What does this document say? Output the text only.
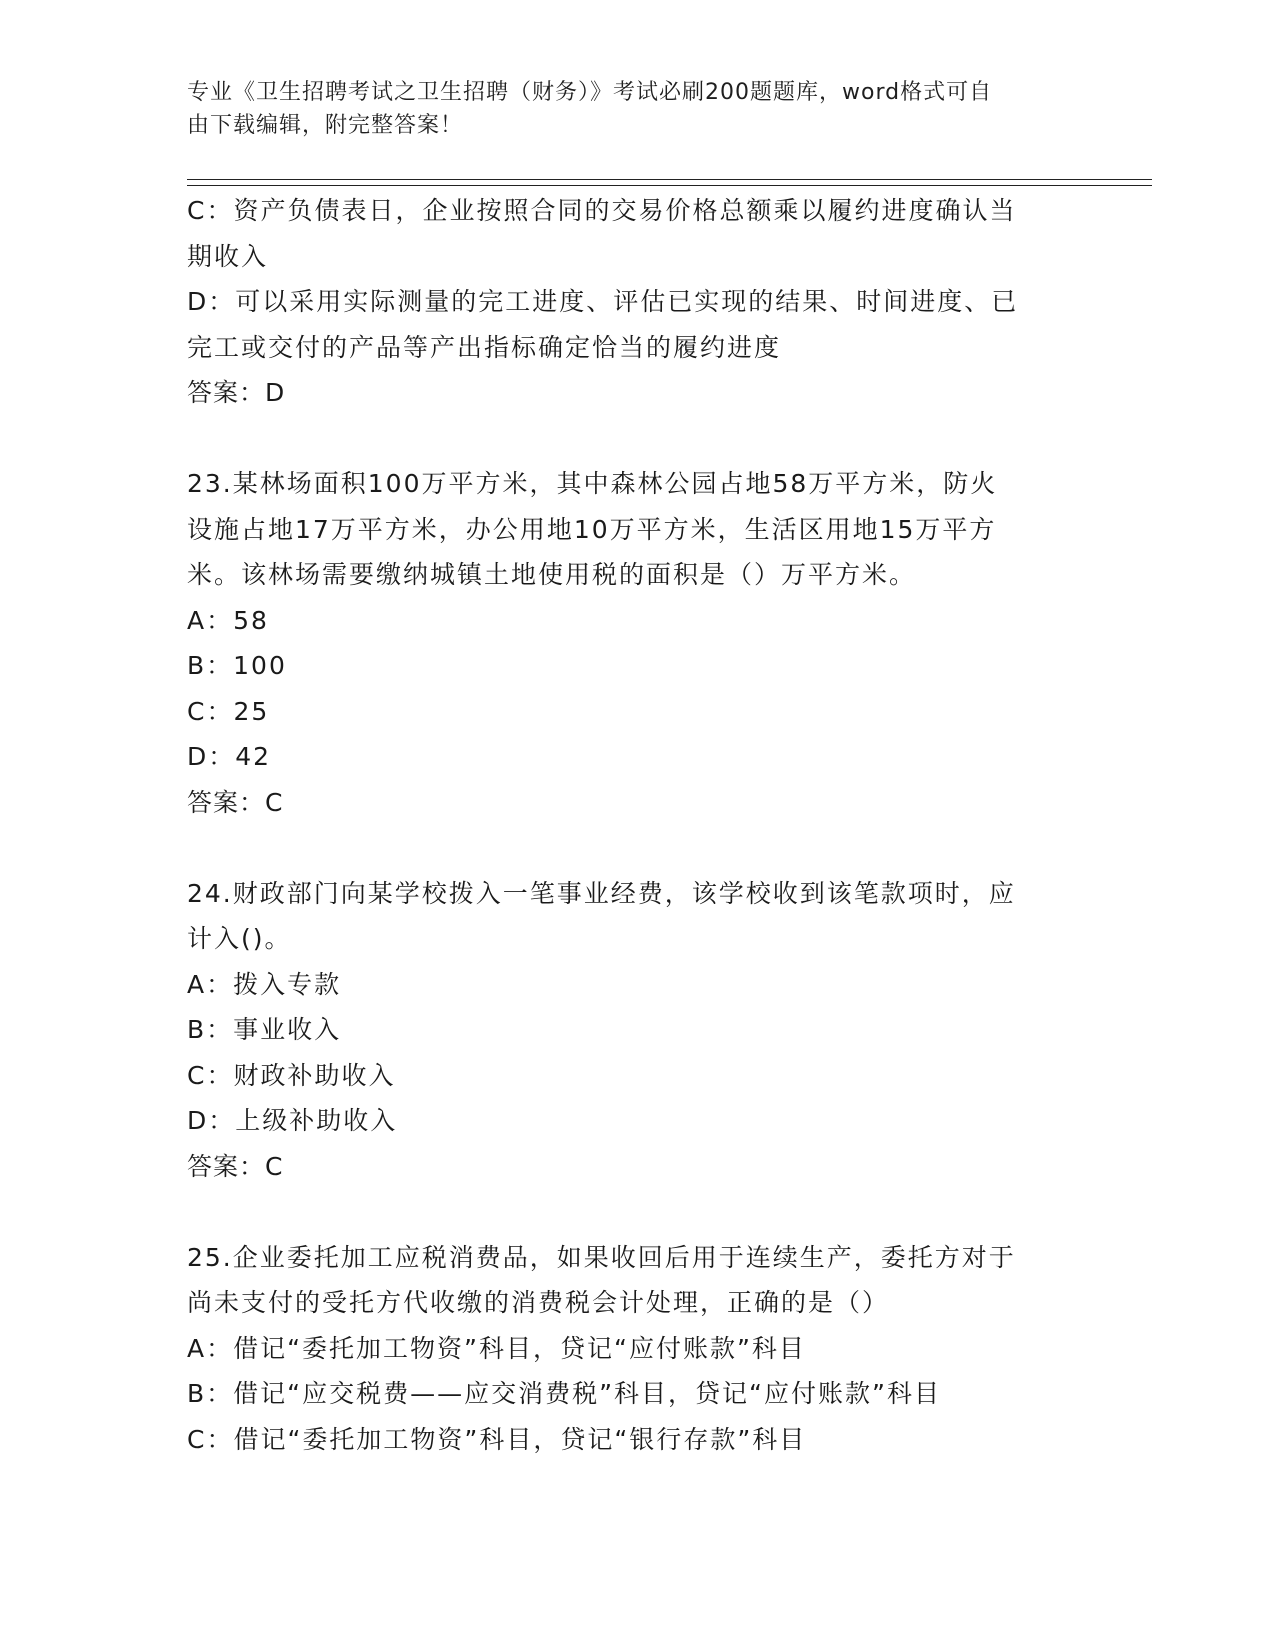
专业《卫生招聘考试之卫生招聘（财务）》考试必刷200题题库，word格式可自
由下载编辑，附完整答案！
C：资产负债表日，企业按照合同的交易价格总额乘以履约进度确认当
期收入
D：可以采用实际测量的完工进度、评估已实现的结果、时间进度、已
完工或交付的产品等产出指标确定恰当的履约进度
答案：D
23.某林场面积100万平方米，其中森林公园占地58万平方米，防火
设施占地17万平方米，办公用地10万平方米，生活区用地15万平方
米。该林场需要缴纳城镇土地使用税的面积是（）万平方米。
A：58
B：100
C：25
D：42
答案：C
24.财政部门向某学校拨入一笔事业经费，该学校收到该笔款项时，应
计入()。
A：拨入专款
B：事业收入
C：财政补助收入
D：上级补助收入
答案：C
25.企业委托加工应税消费品，如果收回后用于连续生产，委托方对于
尚未支付的受托方代收缴的消费税会计处理，正确的是（）
A：借记“委托加工物资”科目，贷记“应付账款”科目
B：借记“应交税费——应交消费税”科目，贷记“应付账款”科目
C：借记“委托加工物资”科目，贷记“银行存款”科目
